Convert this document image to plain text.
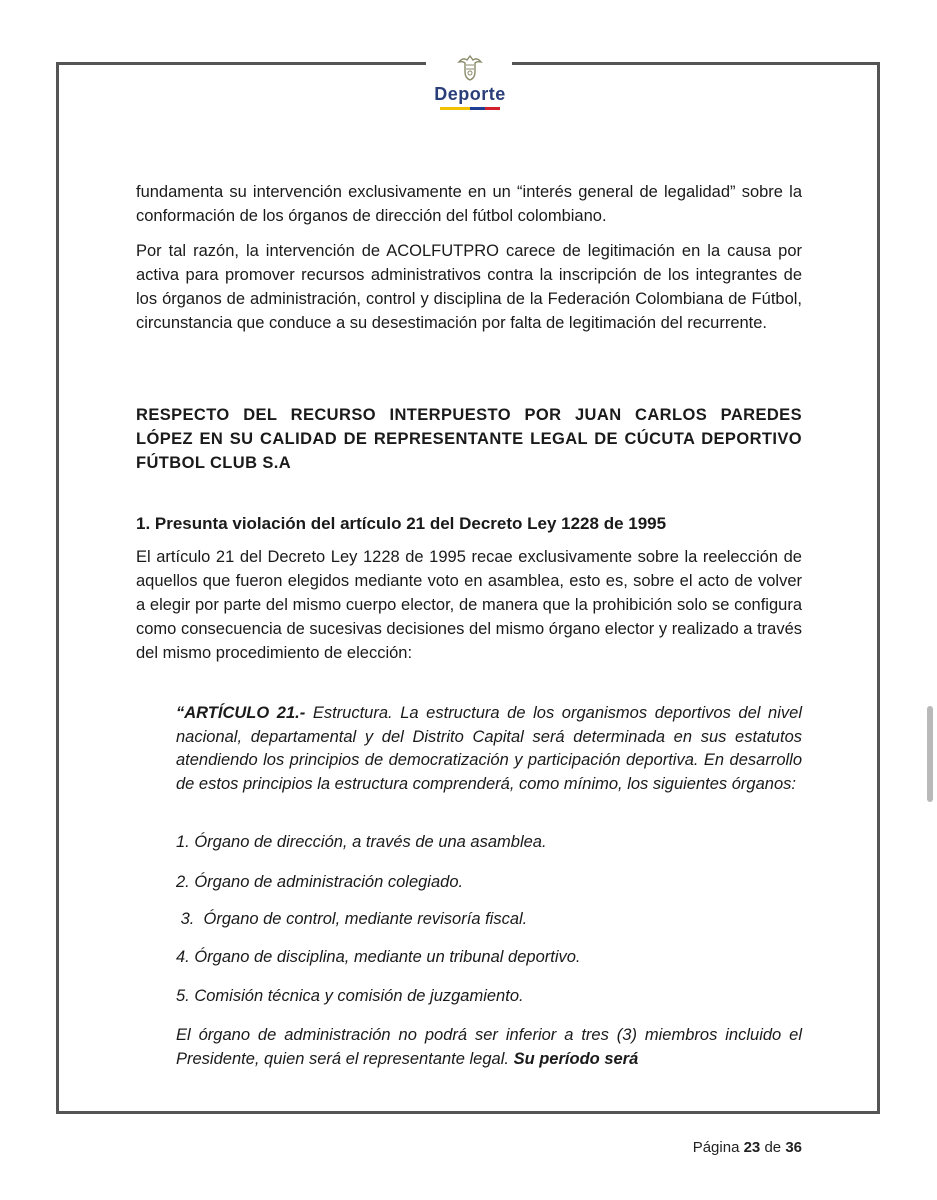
Deporte

fundamenta su intervención exclusivamente en un “interés general de legalidad” sobre la conformación de los órganos de dirección del fútbol colombiano.

Por tal razón, la intervención de ACOLFUTPRO carece de legitimación en la causa por activa para promover recursos administrativos contra la inscripción de los integrantes de los órganos de administración, control y disciplina de la Federación Colombiana de Fútbol, circunstancia que conduce a su desestimación por falta de legitimación del recurrente.

RESPECTO DEL RECURSO INTERPUESTO POR JUAN CARLOS PAREDES LÓPEZ EN SU CALIDAD DE REPRESENTANTE LEGAL DE CÚCUTA DEPORTIVO FÚTBOL CLUB S.A

1. Presunta violación del artículo 21 del Decreto Ley 1228 de 1995

El artículo 21 del Decreto Ley 1228 de 1995 recae exclusivamente sobre la reelección de aquellos que fueron elegidos mediante voto en asamblea, esto es, sobre el acto de volver a elegir por parte del mismo cuerpo elector, de manera que la prohibición solo se configura como consecuencia de sucesivas decisiones del mismo órgano elector y realizado a través del mismo procedimiento de elección:

“ARTÍCULO 21.- Estructura. La estructura de los organismos deportivos del nivel nacional, departamental y del Distrito Capital será determinada en sus estatutos atendiendo los principios de democratización y participación deportiva. En desarrollo de estos principios la estructura comprenderá, como mínimo, los siguientes órganos:
1. Órgano de dirección, a través de una asamblea.
2. Órgano de administración colegiado.
3.  Órgano de control, mediante revisoría fiscal.
4. Órgano de disciplina, mediante un tribunal deportivo.
5. Comisión técnica y comisión de juzgamiento.
El órgano de administración no podrá ser inferior a tres (3) miembros incluido el Presidente, quien será el representante legal. Su período será
Página 23 de 36
